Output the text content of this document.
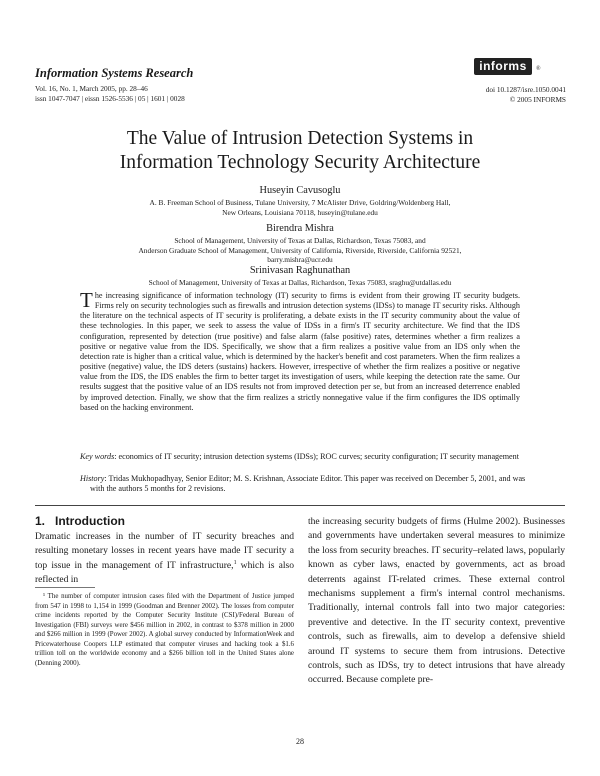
Information Systems Research
Vol. 16, No. 1, March 2005, pp. 28–46
issn 1047-7047 | eissn 1526-5536 | 05 | 1601 | 0028
informs	®
doi 10.1287/isre.1050.0041
© 2005 INFORMS
The Value of Intrusion Detection Systems in
Information Technology Security Architecture
Huseyin Cavusoglu
A. B. Freeman School of Business, Tulane University, 7 McAlister Drive, Goldring/Woldenberg Hall,
New Orleans, Louisiana 70118, huseyin@tulane.edu
Birendra Mishra
School of Management, University of Texas at Dallas, Richardson, Texas 75083, and
Anderson Graduate School of Management, University of California, Riverside, Riverside, California 92521,
barry.mishra@ucr.edu
Srinivasan Raghunathan
School of Management, University of Texas at Dallas, Richardson, Texas 75083, sraghu@utdallas.edu

The increasing significance of information technology (IT) security to firms is evident from their growing IT security budgets. Firms rely on security technologies such as firewalls and intrusion detection systems (IDSs) to manage IT security risks. Although the literature on the technical aspects of IT security is proliferating, a debate exists in the IT security community about the value of these technologies. In this paper, we seek to assess the value of IDSs in a firm's IT security architecture. We find that the IDS configuration, represented by detection (true positive) and false alarm (false positive) rates, determines whether a firm realizes a positive or negative value from the IDS. Specifically, we show that a firm realizes a positive value from an IDS only when the detection rate is higher than a critical value, which is determined by the hacker's benefit and cost parameters. When the firm realizes a positive (negative) value, the IDS deters (sustains) hackers. However, irrespective of whether the firm realizes a positive or negative value from the IDS, the IDS enables the firm to better target its investigation of users, while keeping the detection rate the same. Our results suggest that the positive value of an IDS results not from improved detection per se, but from an increased deterrence enabled by improved detection. Finally, we show that the firm realizes a strictly nonnegative value if the firm configures the IDS optimally based on the hacking environment.

Key words: economics of IT security; intrusion detection systems (IDSs); ROC curves; security configuration; IT security management
History: Tridas Mukhopadhyay, Senior Editor; M. S. Krishnan, Associate Editor. This paper was received on December 5, 2001, and was with the authors 5 months for 2 revisions.
1. Introduction

Dramatic increases in the number of IT security breaches and resulting monetary losses in recent years have made IT security a top issue in the management of IT infrastructure,$^1$ which is also reflected in

¹ The number of computer intrusion cases filed with the Department of Justice jumped from 547 in 1998 to 1,154 in 1999 (Goodman and Brenner 2002). The losses from computer crime incidents reported by the Computer Security Institute (CSI)/Federal Bureau of Investigation (FBI) surveys were $456 million in 2002, in contrast to $378 million in 2000 and $266 million in 1999 (Power 2002). A global survey conducted by InformationWeek and Pricewaterhouse Coopers LLP estimated that computer viruses and hacking took a $1.6 trillion toll on the worldwide economy and a $266 billion toll in the United States alone (Denning 2000).

the increasing security budgets of firms (Hulme 2002). Businesses and governments have undertaken several measures to minimize the loss from security breaches. IT security–related laws, popularly known as cyber laws, enacted by governments, act as broad deterrents against IT-related crimes. These external control mechanisms supplement a firm's internal control mechanisms. Traditionally, internal controls fall into two major categories: preventive and detective. In the IT security context, preventive controls, such as firewalls, aim to develop a defensive shield around IT systems to secure them from intrusions. Detective controls, such as IDSs, try to detect intrusions that have already occurred. Because complete pre-

28
